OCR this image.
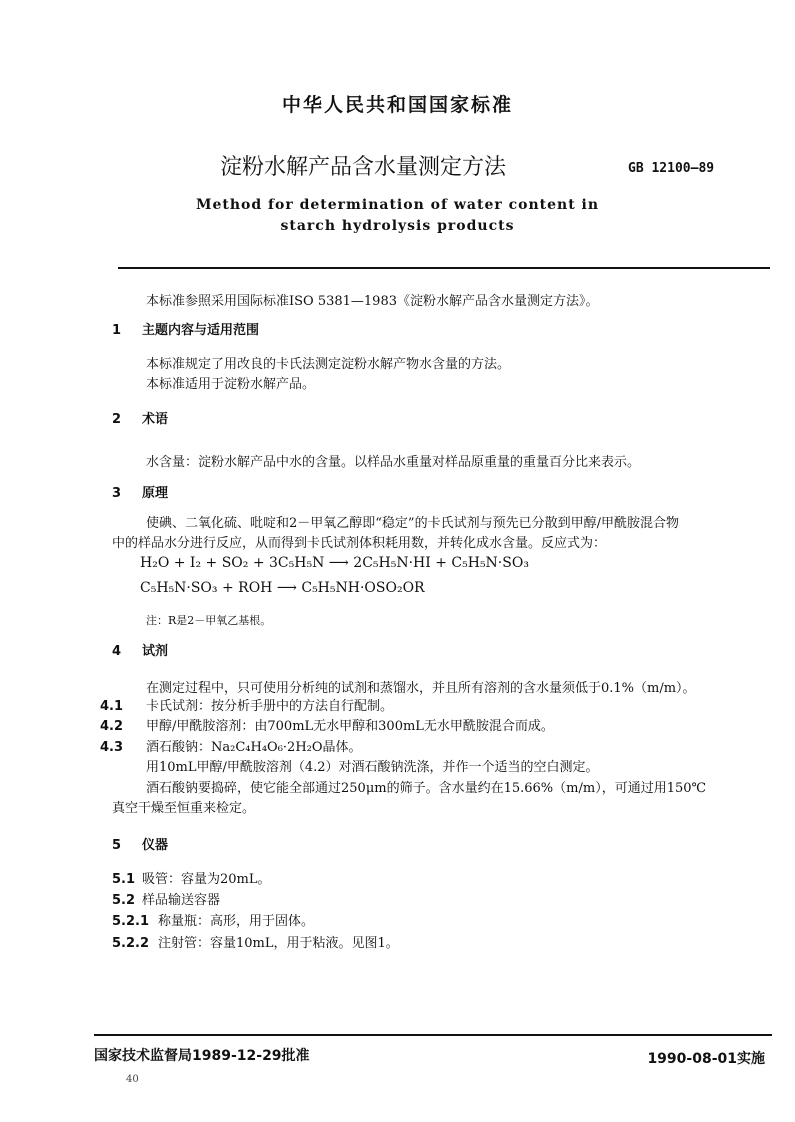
中华人民共和国国家标准
淀粉水解产品含水量测定方法	GB 12100—89
Method for determination of water content in
starch hydrolysis products
本标准参照采用国际标准ISO 5381—1983《淀粉水解产品含水量测定方法》。
1 主题内容与适用范围
本标准规定了用改良的卡氏法测定淀粉水解产物水含量的方法。
本标准适用于淀粉水解产品。
2 术语
水含量：淀粉水解产品中水的含量。以样品水重量对样品原重量的重量百分比来表示。
3 原理
使碘、二氧化硫、吡啶和2－甲氧乙醇即“稳定”的卡氏试剂与预先已分散到甲醇/甲酰胺混合物
中的样品水分进行反应，从而得到卡氏试剂体积耗用数，并转化成水含量。反应式为：
H₂O + I₂ + SO₂ + 3C₅H₅N ⟶ 2C₅H₅N·HI + C₅H₅N·SO₃
C₅H₅N·SO₃ + ROH ⟶ C₅H₅NH·OSO₂OR
注：R是2－甲氧乙基根。
4 试剂
在测定过程中，只可使用分析纯的试剂和蒸馏水，并且所有溶剂的含水量须低于0.1%（m/m）。
4.1 卡氏试剂：按分析手册中的方法自行配制。
4.2 甲醇/甲酰胺溶剂：由700mL无水甲醇和300mL无水甲酰胺混合而成。
4.3 酒石酸钠：Na₂C₄H₄O₆·2H₂O晶体。
用10mL甲醇/甲酰胺溶剂（4.2）对酒石酸钠洗涤，并作一个适当的空白测定。
酒石酸钠要捣碎，使它能全部通过250μm的筛子。含水量约在15.66%（m/m），可通过用150℃
真空干燥至恒重来检定。
5 仪器
5.1 吸管：容量为20mL。
5.2 样品输送容器
5.2.1 称量瓶：高形，用于固体。
5.2.2 注射管：容量10mL，用于粘液。见图1。
国家技术监督局1989-12-29批准	1990-08-01实施
40
